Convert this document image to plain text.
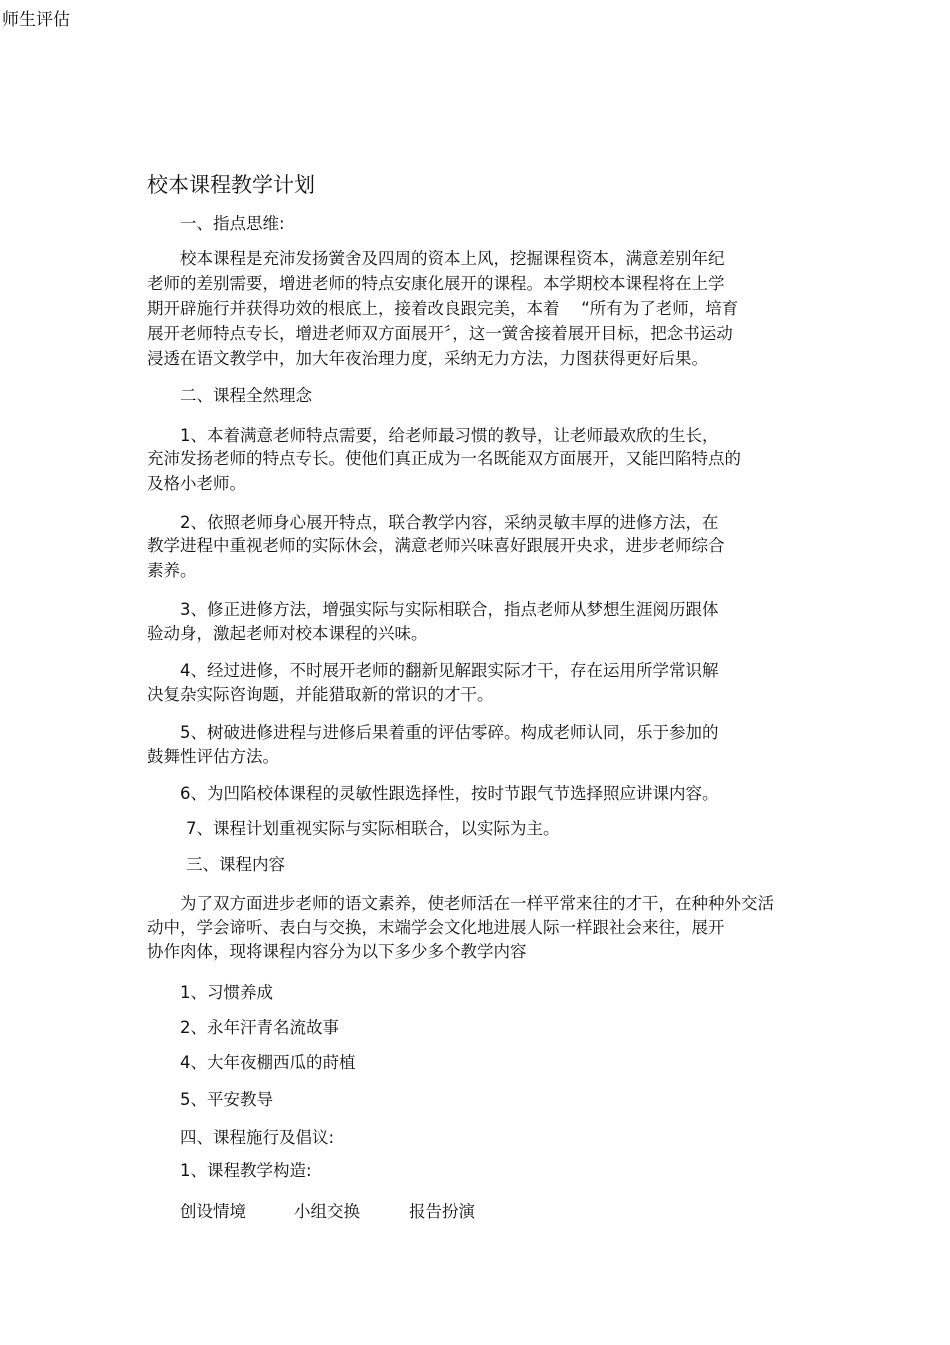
师生评估
校本课程教学计划
一、指点思维:
校本课程是充沛发扬黉舍及四周的资本上风，挖掘课程资本，满意差别年纪
老师的差别需要，增进老师的特点安康化展开的课程。本学期校本课程将在上学
期开辟施行并获得功效的根底上，接着改良跟完美，本着　 “所有为了老师，培育
展开老师特点专长，增进老师双方面展开〞，这一黉舍接着展开目标，把念书运动
浸透在语文教学中，加大年夜治理力度，采纳无力方法，力图获得更好后果。
二、课程全然理念
1、本着满意老师特点需要，给老师最习惯的教导，让老师最欢欣的生长，
充沛发扬老师的特点专长。使他们真正成为一名既能双方面展开，又能凹陷特点的
及格小老师。
2、依照老师身心展开特点，联合教学内容，采纳灵敏丰厚的进修方法，在
教学进程中重视老师的实际休会，满意老师兴味喜好跟展开央求，进步老师综合
素养。
3、修正进修方法，增强实际与实际相联合，指点老师从梦想生涯阅历跟体
验动身，激起老师对校本课程的兴味。
4、经过进修，不时展开老师的翻新见解跟实际才干，存在运用所学常识解
决复杂实际咨询题，并能猎取新的常识的才干。
5、树破进修进程与进修后果着重的评估零碎。构成老师认同，乐于参加的
鼓舞性评估方法。
6、为凹陷校体课程的灵敏性跟选择性，按时节跟气节选择照应讲课内容。
7、课程计划重视实际与实际相联合，以实际为主。
三、课程内容
为了双方面进步老师的语文素养，使老师活在一样平常来往的才干，在种种外交活
动中，学会谛听、表白与交换，末端学会文化地进展人际一样跟社会来往，展开
协作肉体，现将课程内容分为以下多少多个教学内容
1、习惯养成
2、永年汗青名流故事
4、大年夜棚西瓜的莳植
5、平安教导
四、课程施行及倡议:
1、课程教学构造:
创设情境	小组交换	报告扮演
